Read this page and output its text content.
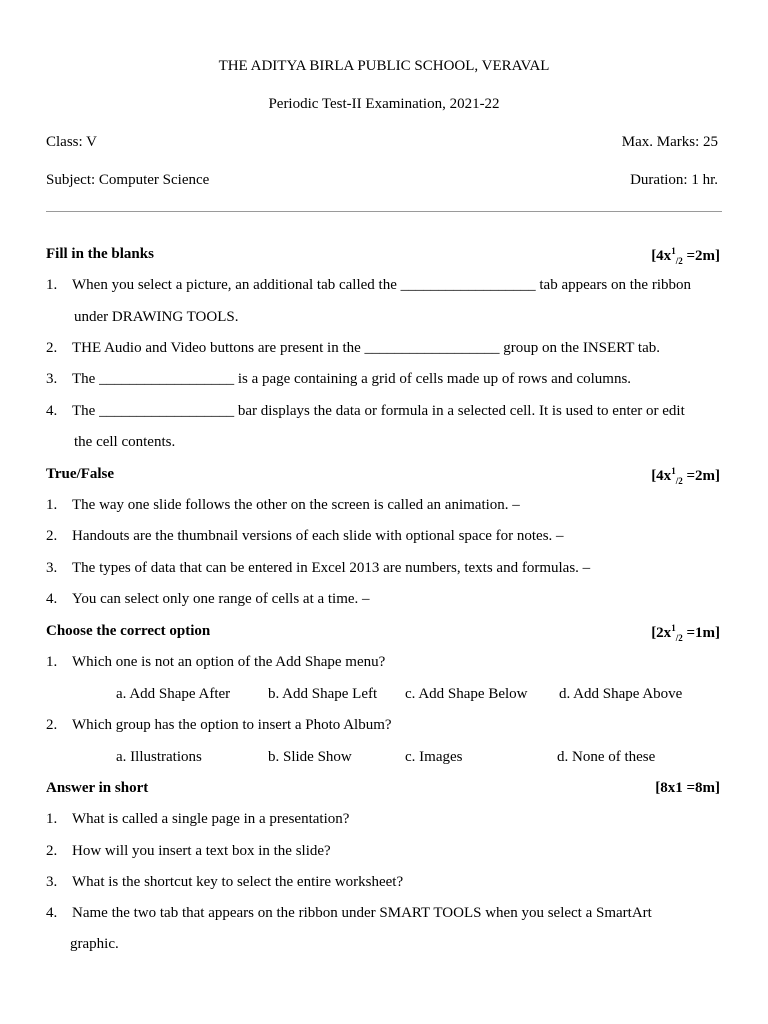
THE ADITYA BIRLA PUBLIC SCHOOL, VERAVAL
Periodic Test-II Examination, 2021-22
Class: V	Max. Marks: 25
Subject: Computer Science	Duration: 1 hr.
Fill in the blanks	$[4x^1_{/2} =2m]$
1. When you select a picture, an additional tab called the __________________ tab appears on the ribbon
under DRAWING TOOLS.
2. THE Audio and Video buttons are present in the __________________ group on the INSERT tab.
3. The __________________ is a page containing a grid of cells made up of rows and columns.
4. The __________________ bar displays the data or formula in a selected cell. It is used to enter or edit
the cell contents.
True/False	$[4x^1_{/2} =2m]$
1. The way one slide follows the other on the screen is called an animation. –
2. Handouts are the thumbnail versions of each slide with optional space for notes. –
3. The types of data that can be entered in Excel 2013 are numbers, texts and formulas. –
4. You can select only one range of cells at a time. –
Choose the correct option	$[2x^1_{/2} =1m]$
1. Which one is not an option of the Add Shape menu?
a. Add Shape After	b. Add Shape Left c. Add Shape Below d. Add Shape Above
2. Which group has the option to insert a Photo Album?
a. Illustrations	b. Slide Show	c. Images	d. None of these
Answer in short	[8x1 =8m]
1. What is called a single page in a presentation?
2. How will you insert a text box in the slide?
3. What is the shortcut key to select the entire worksheet?
4. Name the two tab that appears on the ribbon under SMART TOOLS when you select a SmartArt
graphic.
